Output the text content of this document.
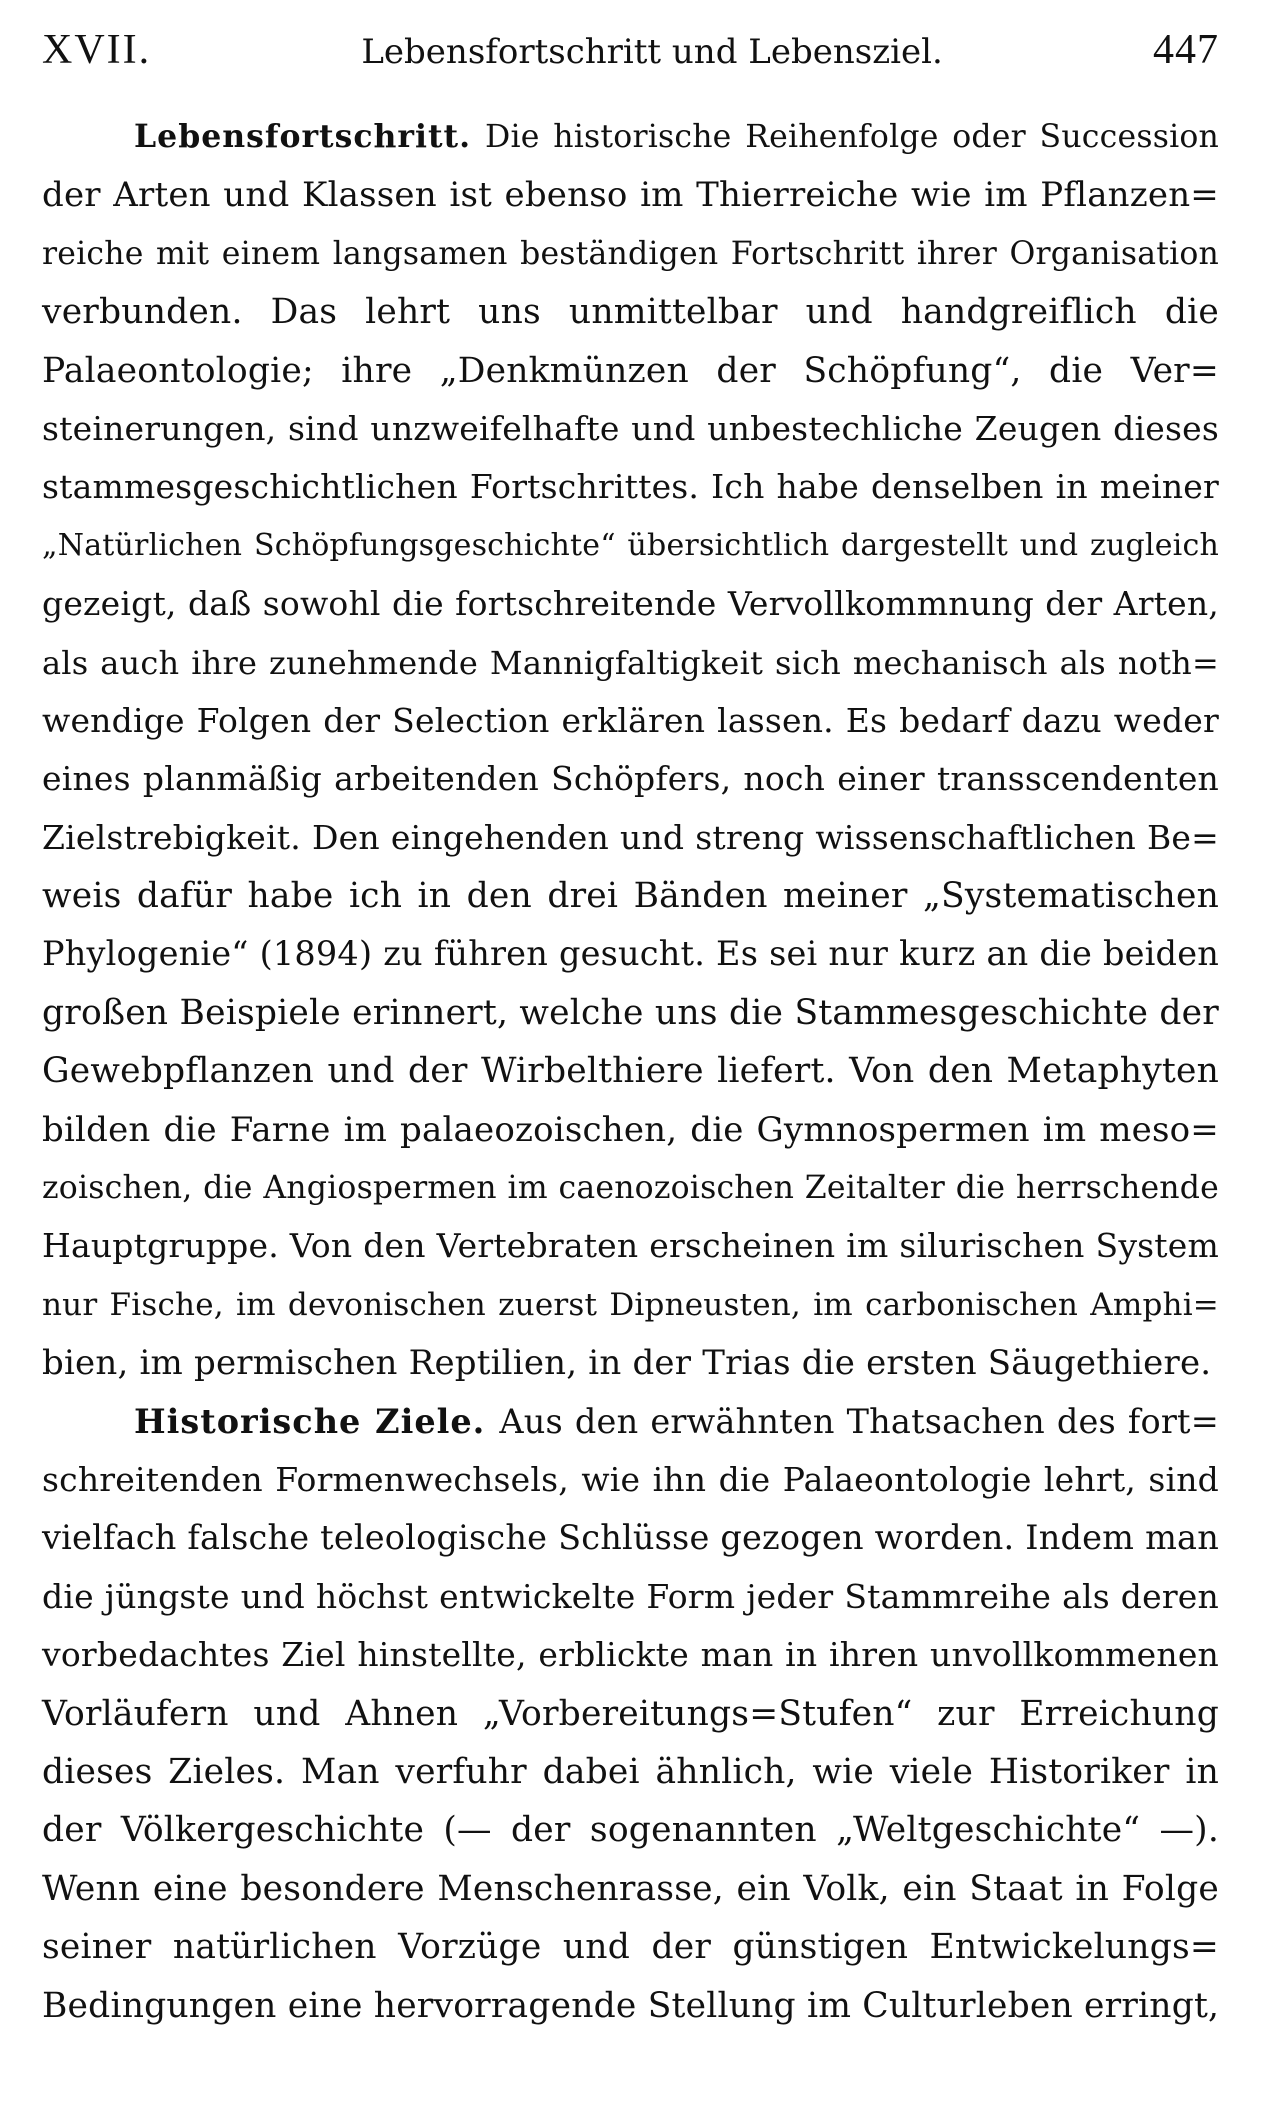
XVII.	Lebensfortschritt und Lebensziel.	447
Lebensfortschritt. Die historische Reihenfolge oder Succession
der Arten und Klassen ist ebenso im Thierreiche wie im Pflanzen=
reiche mit einem langsamen beständigen Fortschritt ihrer Organisation
verbunden. Das lehrt uns unmittelbar und handgreiflich die
Palaeontologie; ihre „Denkmünzen der Schöpfung“, die Ver=
steinerungen, sind unzweifelhafte und unbestechliche Zeugen dieses
stammesgeschichtlichen Fortschrittes. Ich habe denselben in meiner
„Natürlichen Schöpfungsgeschichte“ übersichtlich dargestellt und zugleich
gezeigt, daß sowohl die fortschreitende Vervollkommnung der Arten,
als auch ihre zunehmende Mannigfaltigkeit sich mechanisch als noth=
wendige Folgen der Selection erklären lassen. Es bedarf dazu weder
eines planmäßig arbeitenden Schöpfers, noch einer transscendenten
Zielstrebigkeit. Den eingehenden und streng wissenschaftlichen Be=
weis dafür habe ich in den drei Bänden meiner „Systematischen
Phylogenie“ (1894) zu führen gesucht. Es sei nur kurz an die beiden
großen Beispiele erinnert, welche uns die Stammesgeschichte der
Gewebpflanzen und der Wirbelthiere liefert. Von den Metaphyten
bilden die Farne im palaeozoischen, die Gymnospermen im meso=
zoischen, die Angiospermen im caenozoischen Zeitalter die herrschende
Hauptgruppe. Von den Vertebraten erscheinen im silurischen System
nur Fische, im devonischen zuerst Dipneusten, im carbonischen Amphi=
bien, im permischen Reptilien, in der Trias die ersten Säugethiere.
Historische Ziele. Aus den erwähnten Thatsachen des fort=
schreitenden Formenwechsels, wie ihn die Palaeontologie lehrt, sind
vielfach falsche teleologische Schlüsse gezogen worden. Indem man
die jüngste und höchst entwickelte Form jeder Stammreihe als deren
vorbedachtes Ziel hinstellte, erblickte man in ihren unvollkommenen
Vorläufern und Ahnen „Vorbereitungs=Stufen“ zur Erreichung
dieses Zieles. Man verfuhr dabei ähnlich, wie viele Historiker in
der Völkergeschichte (— der sogenannten „Weltgeschichte“ —).
Wenn eine besondere Menschenrasse, ein Volk, ein Staat in Folge
seiner natürlichen Vorzüge und der günstigen Entwickelungs=
Bedingungen eine hervorragende Stellung im Culturleben erringt,
